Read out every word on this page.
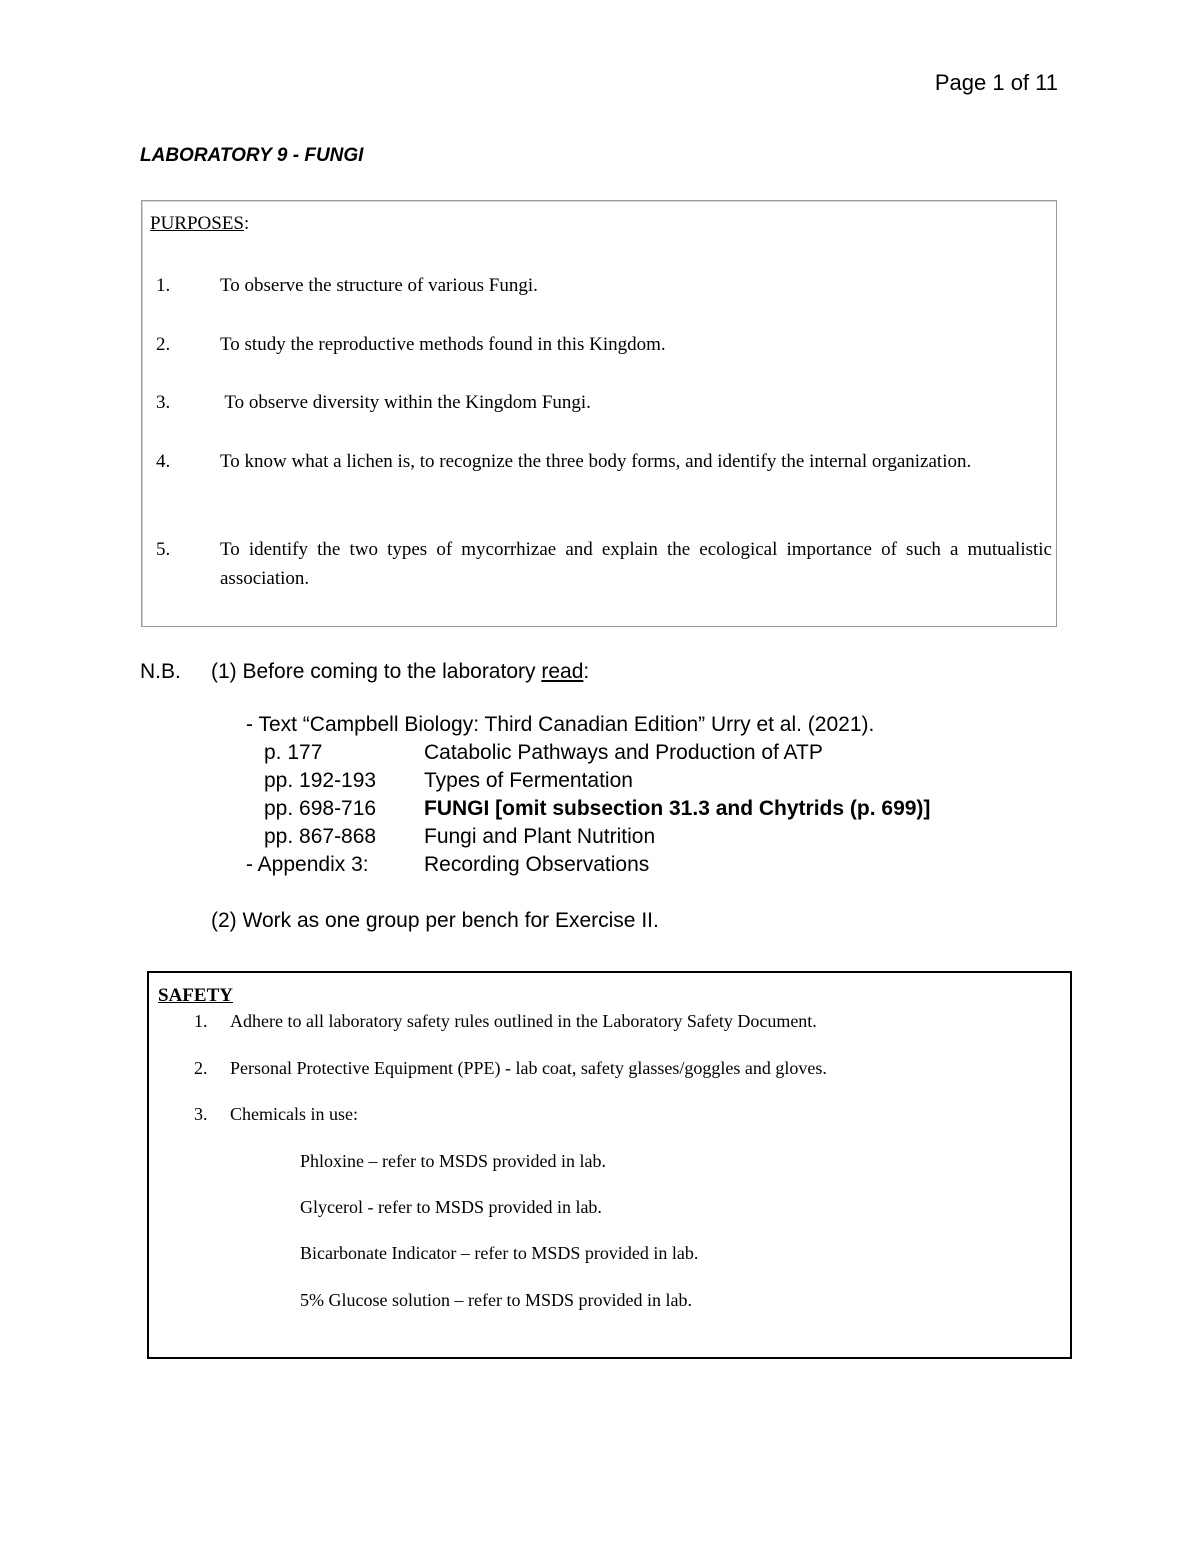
Page 1 of 11
LABORATORY 9 - FUNGI
PURPOSES:
1.	To observe the structure of various Fungi.
2.	To study the reproductive methods found in this Kingdom.
3.	To observe diversity within the Kingdom Fungi.
4.	To know what a lichen is, to recognize the three body forms, and identify the internal organization.
5.	To identify the two types of mycorrhizae and explain the ecological importance of such a mutualistic association.
N.B. (1) Before coming to the laboratory read:
- Text “Campbell Biology: Third Canadian Edition” Urry et al. (2021).
p. 177	Catabolic Pathways and Production of ATP
pp. 192-193 Types of Fermentation
pp. 698-716 FUNGI [omit subsection 31.3 and Chytrids (p. 699)]
pp. 867-868 Fungi and Plant Nutrition
- Appendix 3:	Recording Observations
(2) Work as one group per bench for Exercise II.
SAFETY
1. Adhere to all laboratory safety rules outlined in the Laboratory Safety Document.
2. Personal Protective Equipment (PPE) - lab coat, safety glasses/goggles and gloves.
3. Chemicals in use:
Phloxine – refer to MSDS provided in lab.
Glycerol - refer to MSDS provided in lab.
Bicarbonate Indicator – refer to MSDS provided in lab.
5% Glucose solution – refer to MSDS provided in lab.
